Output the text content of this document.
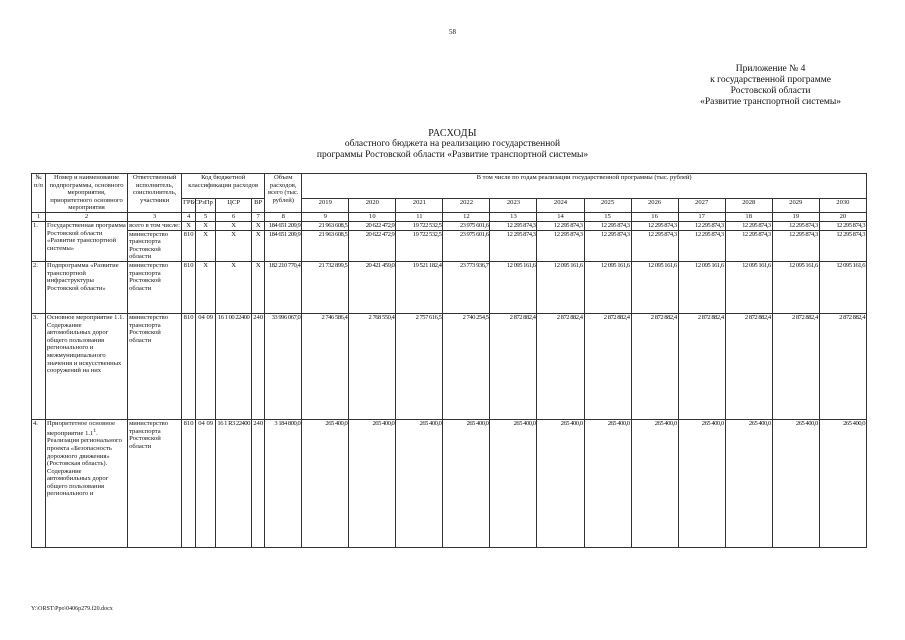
58
Приложение № 4
к государственной программе
Ростовской области
«Развитие транспортной системы»
РАСХОДЫ
областного бюджета на реализацию государственной
программы Ростовской области «Развитие транспортной системы»
№ п/п	Номер и наименование подпрограммы, основного мероприятия, приоритетного основного мероприятия	Ответственный исполнитель, соисполнитель, участники	Код бюджетной классификации расходов				Объем расходов, всего (тыс. рублей)	В том числе по годам реализации государственной программы (тыс. рублей)											
			ГРБС	РзПр	ЦСР	ВР		2019	2020	2021	2022	2023	2024	2025	2026	2027	2028	2029	2030
1	2	3	4	5	6	7	8	9	10	11	12	13	14	15	16	17	18	19	20
1.	Государственная программа Ростовской области «Развитие транспортной системы»	всего в том числе:	X	X	X	X	184 651 209,9	21 963 608,5	20 622 472,9	19 722 532,5	23 975 601,6	12 295 874,3	12 295 874,3	12 295 874,3	12 295 874,3	12 295 874,3	12 295 874,3	12 295 874,3	12 295 874,3
		министерство транспорта Ростовской области	810	X	X	X	184 651 209,9	21 963 608,5	20 622 472,9	19 722 532,5	23 975 601,6	12 295 874,3	12 295 874,3	12 295 874,3	12 295 874,3	12 295 874,3	12 295 874,3	12 295 874,3	12 295 874,3
2.	Подпрограмма «Развитие транспортной инфраструктуры Ростовской области»	министерство транспорта Ростовской области	810	X	X	X	182 210 770,4	21 732 899,5	20 421 459,0	19 521 182,4	23 773 936,7	12 095 161,6	12 095 161,6	12 095 161,6	12 095 161,6	12 095 161,6	12 095 161,6	12 095 161,6	12 095 161,6
3.	Основное мероприятие 1.1. Содержание автомобильных дорог общего пользования регионального и межмуниципального значения и искусственных сооружений на них	министерство транспорта Ростовской области	810	04 09	16 1 00 22400	240	33 996 067,0	2 746 586,4	2 768 550,4	2 757 616,5	2 740 254,5	2 872 882,4	2 872 882,4	2 872 882,4	2 872 882,4	2 872 882,4	2 872 882,4	2 872 882,4	2 872 882,4
4.	Приоритетное основное мероприятие $1.1^1$. Реализация регионального проекта «Безопасность дорожного движения» (Ростовская область). Содержание автомобильных дорог общего пользования регионального и	министерство транспорта Ростовской области	810	04 09	16 1 R3 22400	240	3 184 800,0	265 400,0	265 400,0	265 400,0	265 400,0	265 400,0	265 400,0	265 400,0	265 400,0	265 400,0	265 400,0	265 400,0	265 400,0
Y:\ORST\Ppo\0406p279.f20.docx
